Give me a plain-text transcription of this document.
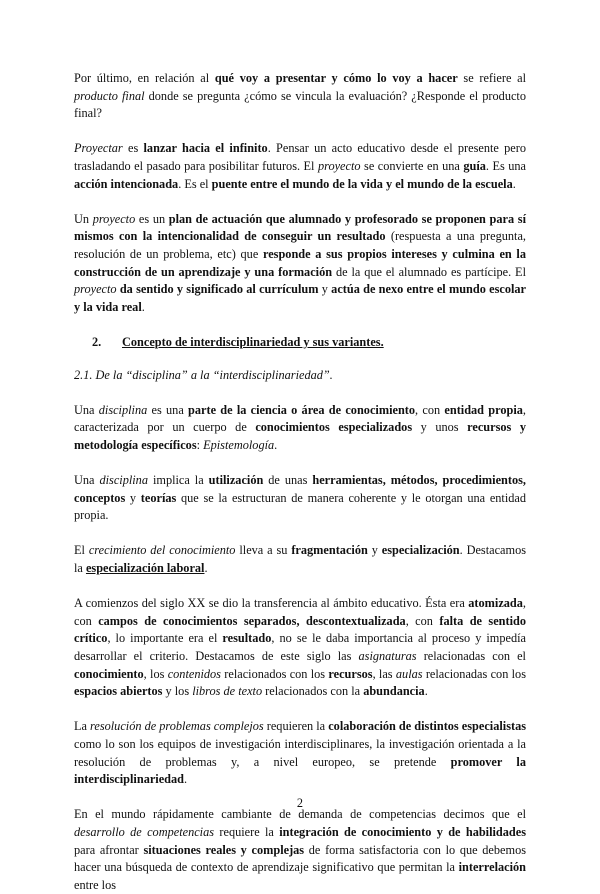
Por último, en relación al qué voy a presentar y cómo lo voy a hacer se refiere al producto final donde se pregunta ¿cómo se vincula la evaluación? ¿Responde el producto final?

Proyectar es lanzar hacia el infinito. Pensar un acto educativo desde el presente pero trasladando el pasado para posibilitar futuros. El proyecto se convierte en una guía. Es una acción intencionada. Es el puente entre el mundo de la vida y el mundo de la escuela.

Un proyecto es un plan de actuación que alumnado y profesorado se proponen para sí mismos con la intencionalidad de conseguir un resultado (respuesta a una pregunta, resolución de un problema, etc) que responde a sus propios intereses y culmina en la construcción de un aprendizaje y una formación de la que el alumnado es partícipe. El proyecto da sentido y significado al currículum y actúa de nexo entre el mundo escolar y la vida real.

2. Concepto de interdisciplinariedad y sus variantes.

2.1. De la “disciplina” a la “interdisciplinariedad”.

Una disciplina es una parte de la ciencia o área de conocimiento, con entidad propia, caracterizada por un cuerpo de conocimientos especializados y unos recursos y metodología específicos: Epistemología.

Una disciplina implica la utilización de unas herramientas, métodos, procedimientos, conceptos y teorías que se la estructuran de manera coherente y le otorgan una entidad propia.

El crecimiento del conocimiento lleva a su fragmentación y especialización. Destacamos la especialización laboral.

A comienzos del siglo XX se dio la transferencia al ámbito educativo. Ésta era atomizada, con campos de conocimientos separados, descontextualizada, con falta de sentido crítico, lo importante era el resultado, no se le daba importancia al proceso y impedía desarrollar el criterio. Destacamos de este siglo las asignaturas relacionadas con el conocimiento, los contenidos relacionados con los recursos, las aulas relacionadas con los espacios abiertos y los libros de texto relacionados con la abundancia.

La resolución de problemas complejos requieren la colaboración de distintos especialistas como lo son los equipos de investigación interdisciplinares, la investigación orientada a la resolución de problemas y, a nivel europeo, se pretende promover la interdisciplinariedad.

En el mundo rápidamente cambiante de demanda de competencias decimos que el desarrollo de competencias requiere la integración de conocimiento y de habilidades para afrontar situaciones reales y complejas de forma satisfactoria con lo que debemos hacer una búsqueda de contexto de aprendizaje significativo que permitan la interrelación entre los

2
